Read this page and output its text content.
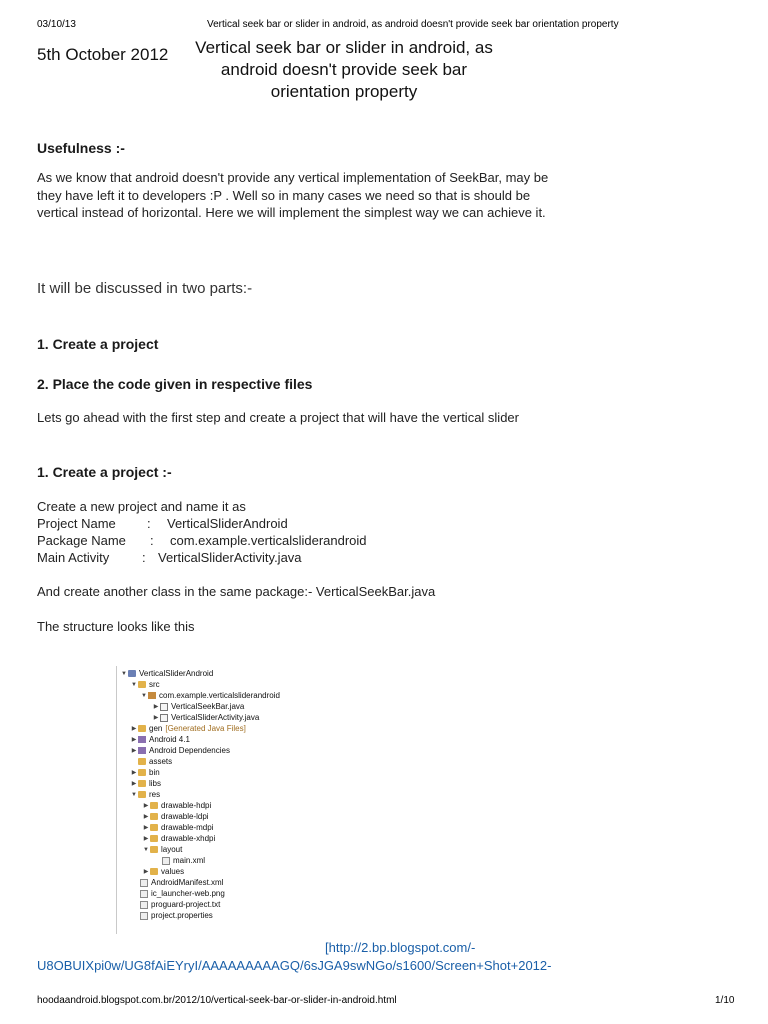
03/10/13	Vertical seek bar or slider in android, as android doesn't provide seek bar orientation property
5th October 2012	Vertical seek bar or slider in android, as android doesn't provide seek bar orientation property
Usefulness :-
As we know that android doesn't provide any vertical implementation of SeekBar, may be they have left it to developers :P . Well so in many cases we need so that is should be vertical instead of horizontal. Here we will implement the simplest way we can achieve it.
It will be discussed in two parts:-
1. Create a project
2. Place the code given in respective files
Lets go ahead with the first step and create a project that will have the vertical slider
1. Create a project :-
Create a new project and name it as
Project Name : VerticalSliderAndroid
Package Name : com.example.verticalsliderandroid
Main Activity	: VerticalSliderActivity.java
And create another class in the same package:- VerticalSeekBar.java
The structure looks like this
▼ VerticalSliderAndroid
▼ src
▼ com.example.verticalsliderandroid
▶ VerticalSeekBar.java
▶ VerticalSliderActivity.java
▶ gen [Generated Java Files]
▶ Android 4.1
▶ Android Dependencies
assets
▶ bin
▶ libs
▼ res
▶ drawable-hdpi
▶ drawable-ldpi
▶ drawable-mdpi
▶ drawable-xhdpi
▼ layout
main.xml
▶ values
AndroidManifest.xml
ic_launcher-web.png
proguard-project.txt
project.properties
[http://2.bp.blogspot.com/-
U8OBUIXpi0w/UG8fAiEYryI/AAAAAAAAAGQ/6sJGA9swNGo/s1600/Screen+Shot+2012-
hoodaandroid.blogspot.com.br/2012/10/vertical-seek-bar-or-slider-in-android.html	1/10
